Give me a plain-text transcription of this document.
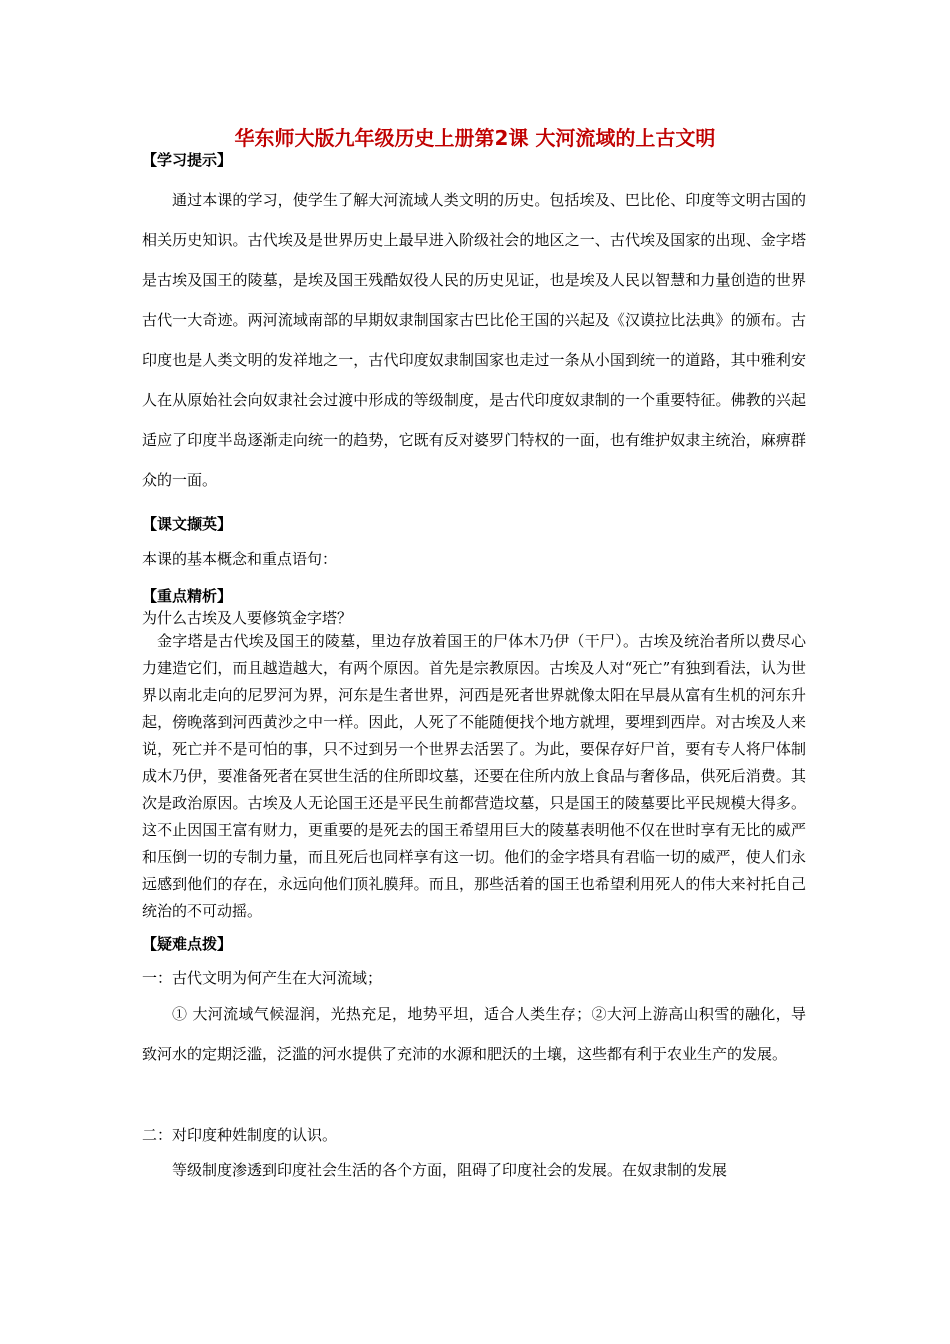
华东师大版九年级历史上册第2课 大河流域的上古文明
【学习提示】

通过本课的学习，使学生了解大河流域人类文明的历史。包括埃及、巴比伦、印度等文明古国的相关历史知识。古代埃及是世界历史上最早进入阶级社会的地区之一、古代埃及国家的出现、金字塔是古埃及国王的陵墓，是埃及国王残酷奴役人民的历史见证，也是埃及人民以智慧和力量创造的世界古代一大奇迹。两河流域南部的早期奴隶制国家古巴比伦王国的兴起及《汉谟拉比法典》的颁布。古印度也是人类文明的发祥地之一，古代印度奴隶制国家也走过一条从小国到统一的道路，其中雅利安人在从原始社会向奴隶社会过渡中形成的等级制度，是古代印度奴隶制的一个重要特征。佛教的兴起适应了印度半岛逐渐走向统一的趋势，它既有反对婆罗门特权的一面，也有维护奴隶主统治，麻痹群众的一面。

【课文撷英】
本课的基本概念和重点语句：
【重点精析】
为什么古埃及人要修筑金字塔？

金字塔是古代埃及国王的陵墓，里边存放着国王的尸体木乃伊（干尸）。古埃及统治者所以费尽心力建造它们，而且越造越大，有两个原因。首先是宗教原因。古埃及人对“死亡”有独到看法，认为世界以南北走向的尼罗河为界，河东是生者世界，河西是死者世界就像太阳在早晨从富有生机的河东升起，傍晚落到河西黄沙之中一样。因此，人死了不能随便找个地方就埋，要埋到西岸。对古埃及人来说，死亡并不是可怕的事，只不过到另一个世界去活罢了。为此，要保存好尸首，要有专人将尸体制成木乃伊，要准备死者在冥世生活的住所即坟墓，还要在住所内放上食品与奢侈品，供死后消费。其次是政治原因。古埃及人无论国王还是平民生前都营造坟墓，只是国王的陵墓要比平民规模大得多。这不止因国王富有财力，更重要的是死去的国王希望用巨大的陵墓表明他不仅在世时享有无比的威严和压倒一切的专制力量，而且死后也同样享有这一切。他们的金字塔具有君临一切的威严，使人们永远感到他们的存在，永远向他们顶礼膜拜。而且，那些活着的国王也希望利用死人的伟大来衬托自己统治的不可动摇。

【疑难点拨】
一：古代文明为何产生在大河流域；

① 大河流域气候湿润，光热充足，地势平坦，适合人类生存；②大河上游高山积雪的融化，导致河水的定期泛滥，泛滥的河水提供了充沛的水源和肥沃的土壤，这些都有利于农业生产的发展。

二：对印度种姓制度的认识。

等级制度渗透到印度社会生活的各个方面，阻碍了印度社会的发展。在奴隶制的发展
